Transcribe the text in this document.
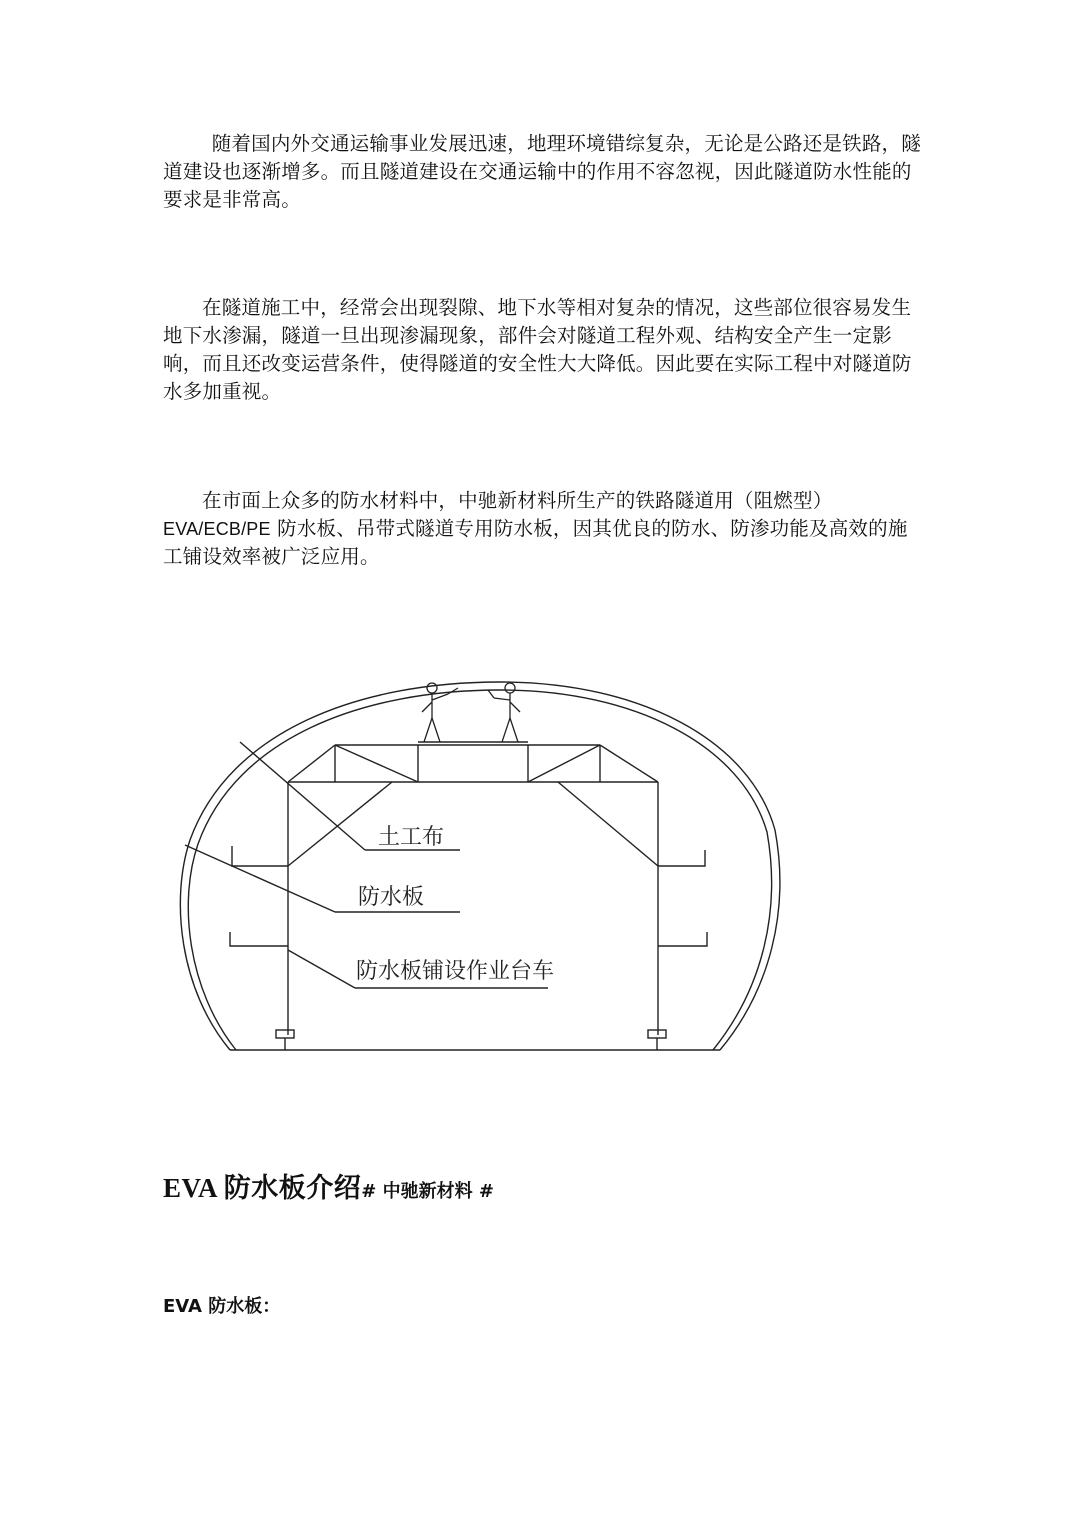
随着国内外交通运输事业发展迅速，地理环境错综复杂，无论是公路还是铁路，隧道建设也逐渐增多。而且隧道建设在交通运输中的作用不容忽视，因此隧道防水性能的要求是非常高。

在隧道施工中，经常会出现裂隙、地下水等相对复杂的情况，这些部位很容易发生地下水渗漏，隧道一旦出现渗漏现象，部件会对隧道工程外观、结构安全产生一定影响，而且还改变运营条件，使得隧道的安全性大大降低。因此要在实际工程中对隧道防水多加重视。

在市面上众多的防水材料中，中驰新材料所生产的铁路隧道用（阻燃型）EVA/ECB/PE 防水板、吊带式隧道专用防水板，因其优良的防水、防渗功能及高效的施工铺设效率被广泛应用。

土工布
防水板
防水板铺设作业台车
EVA 防水板介绍# 中驰新材料 #
EVA 防水板：
